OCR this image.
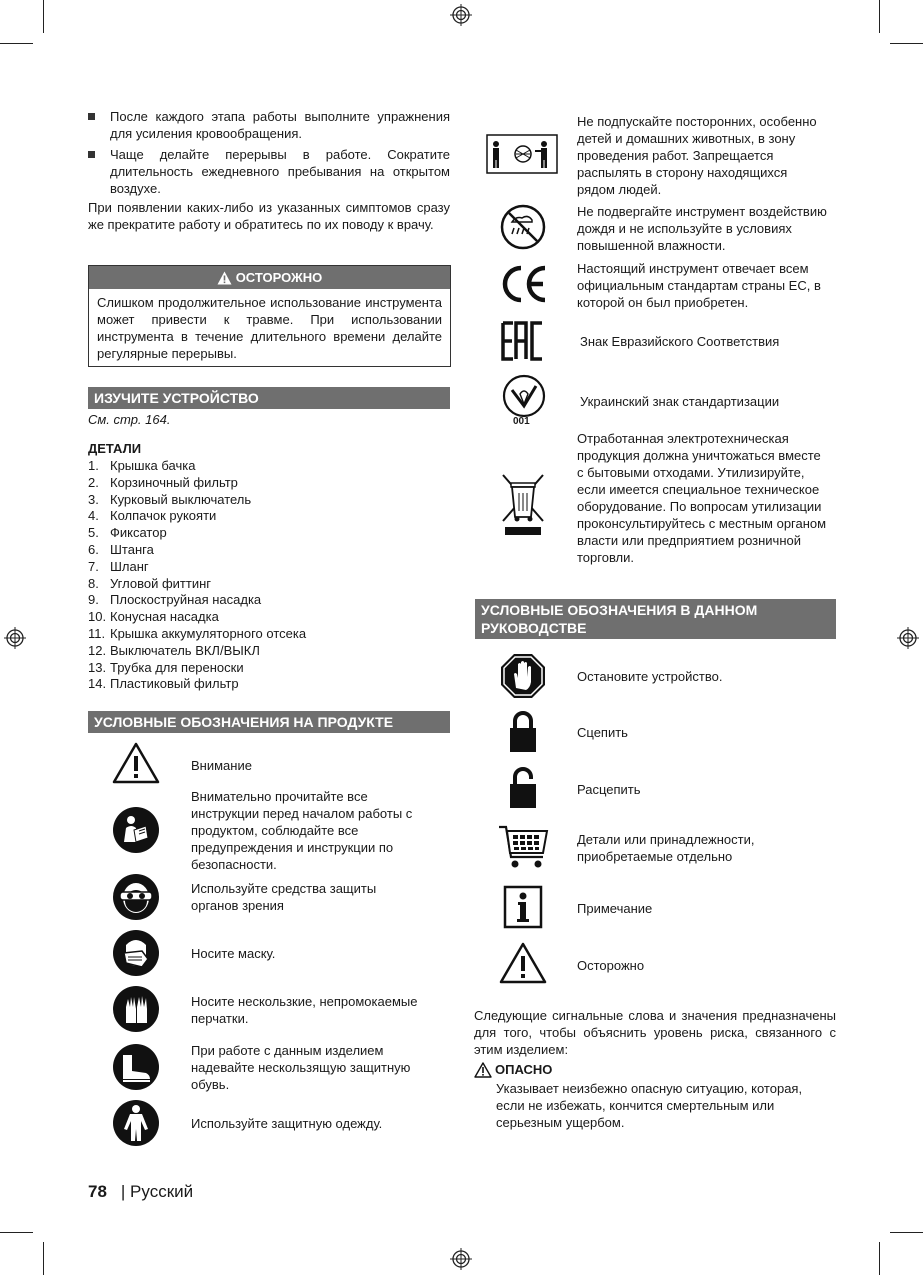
После каждого этапа работы выполните упражнения для усиления кровообращения.
Чаще делайте перерывы в работе. Сократите длительность ежедневного пребывания на открытом воздухе.
При появлении каких-либо из указанных симптомов сразу же прекратите работу и обратитесь по их поводу к врачу.
ОСТОРОЖНО
Слишком продолжительное использование инструмента может привести к травме. При использовании инструмента в течение длительного времени делайте регулярные перерывы.
ИЗУЧИТЕ УСТРОЙСТВО
См. стр. 164.
ДЕТАЛИ
1. Крышка бачка
2. Корзиночный фильтр
3. Курковый выключатель
4. Колпачок рукояти
5. Фиксатор
6. Штанга
7. Шланг
8. Угловой фиттинг
9. Плоскоструйная насадка
10. Конусная насадка
11. Крышка аккумуляторного отсека
12. Выключатель ВКЛ/ВЫКЛ
13. Трубка для переноски
14. Пластиковый фильтр
УСЛОВНЫЕ ОБОЗНАЧЕНИЯ НА ПРОДУКТЕ
Внимание
Внимательно прочитайте все инструкции перед началом работы с продуктом, соблюдайте все предупреждения и инструкции по безопасности.
Используйте средства защиты органов зрения
Носите маску.
Носите нескользкие, непромокаемые перчатки.
При работе с данным изделием надевайте нескользящую защитную обувь.
Используйте защитную одежду.
Не подпускайте посторонних, особенно детей и домашних животных, в зону проведения работ. Запрещается распылять в сторону находящихся рядом людей.
Не подвергайте инструмент воздействию дождя и не используйте в условиях повышенной влажности.
Настоящий инструмент отвечает всем официальным стандартам страны ЕС, в которой он был приобретен.
Знак Евразийского Соответствия
001
Украинский знак стандартизации
Отработанная электротехническая продукция должна уничтожаться вместе с бытовыми отходами. Утилизируйте, если имеется специальное техническое оборудование. По вопросам утилизации проконсультируйтесь с местным органом власти или предприятием розничной торговли.
УСЛОВНЫЕ ОБОЗНАЧЕНИЯ В ДАННОМ РУКОВОДСТВЕ
Остановите устройство.
Сцепить
Расцепить
Детали или принадлежности, приобретаемые отдельно
Примечание
Осторожно
Следующие сигнальные слова и значения предназначены для того, чтобы объяснить уровень риска, связанного с этим изделием:
ОПАСНО
Указывает неизбежно опасную ситуацию, которая, если не избежать, кончится смертельным или серьезным ущербом.
78 | Русский
